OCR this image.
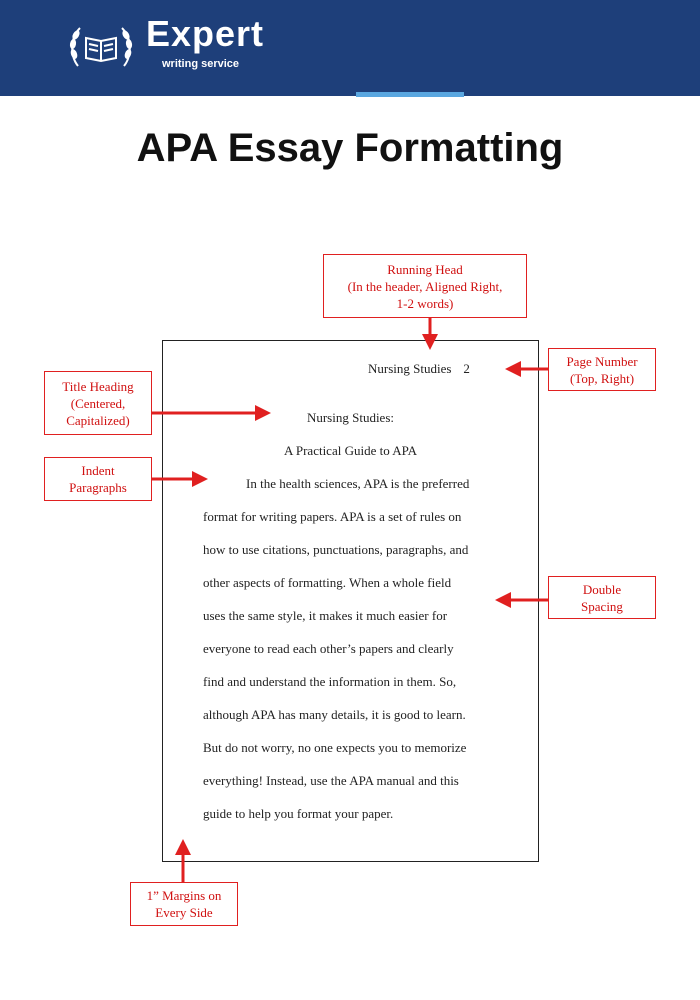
Expert
writing service
APA Essay Formatting
Nursing Studies 2
Nursing Studies:
A Practical Guide to APA
In the health sciences, APA is the preferred
format for writing papers. APA is a set of rules on
how to use citations, punctuations, paragraphs, and
other aspects of formatting. When a whole field
uses the same style, it makes it much easier for
everyone to read each other’s papers and clearly
find and understand the information in them. So,
although APA has many details, it is good to learn.
But do not worry, no one expects you to memorize
everything! Instead, use the APA manual and this
guide to help you format your paper.
Running Head
(In the header, Aligned Right,
1-2 words)
Page Number
(Top, Right)
Title Heading
(Centered,
Capitalized)
Indent
Paragraphs
Double
Spacing
1” Margins on
Every Side
